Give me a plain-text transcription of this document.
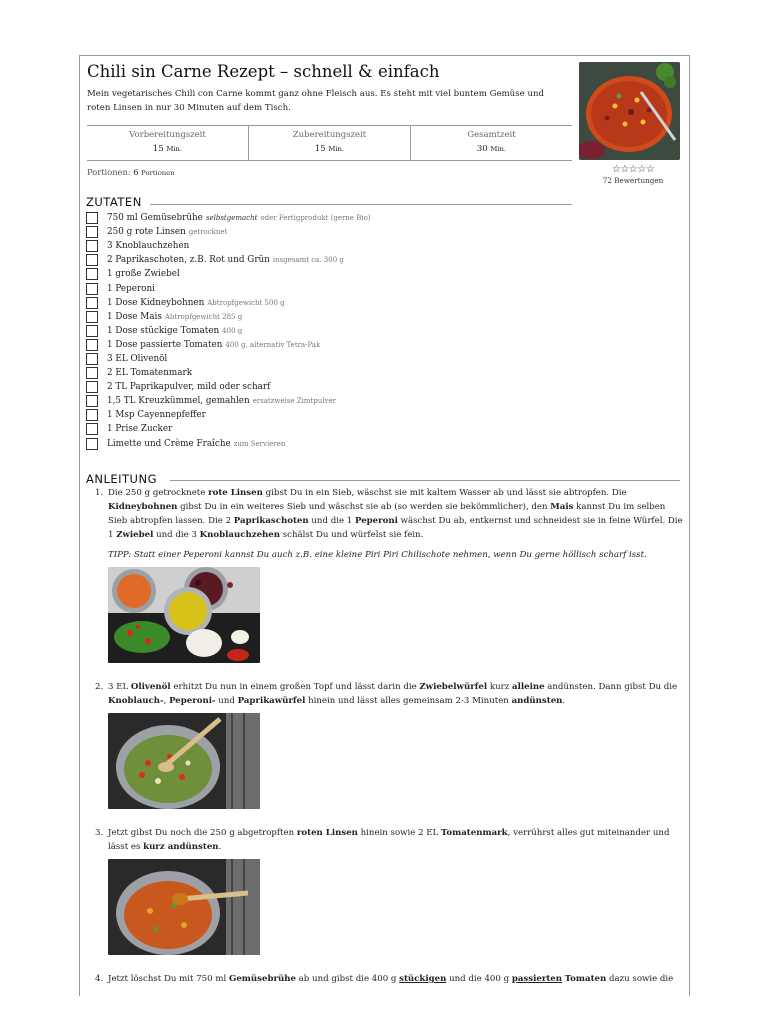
Chili sin Carne Rezept – schnell & einfach

Mein vegetarisches Chili con Carne kommt ganz ohne Fleisch aus. Es steht mit viel buntem Gemüse und roten Linsen in nur 30 Minuten auf dem Tisch.

☆☆☆☆☆
72 Bewertungen
Vorbereitungszeit
15 Min.
Zubereitungszeit
15 Min.
Gesamtzeit
30 Min.
Portionen: 6 Portionen
ZUTATEN
750 ml Gemüsebrühe selbstgemacht oder Fertigprodukt (gerne Bio)
250 g rote Linsen getrocknet
3 Knoblauchzehen
2 Paprikaschoten, z.B. Rot und Grün insgesamt ca. 300 g
1 große Zwiebel
1 Peperoni
1 Dose Kidneybohnen Abtropfgewicht 500 g
1 Dose Mais Abtropfgewicht 285 g
1 Dose stückige Tomaten 400 g
1 Dose passierte Tomaten 400 g, alternativ Tetra-Pak
3 EL Olivenöl
2 EL Tomatenmark
2 TL Paprikapulver, mild oder scharf
1,5 TL Kreuzkümmel, gemahlen ersatzweise Zimtpulver
1 Msp Cayennepfeffer
1 Prise Zucker
Limette und Crème Fraîche zum Servieren
ANLEITUNG
1. Die 250 g getrocknete rote Linsen gibst Du in ein Sieb, wäschst sie mit kaltem Wasser ab und lässt sie abtropfen. Die Kidneybohnen gibst Du in ein weiteres Sieb und wäschst sie ab (so werden sie bekömmlicher), den Mais kannst Du im selben Sieb abtropfen lassen. Die 2 Paprikaschoten und die 1 Peperoni wäschst Du ab, entkernst und schneidest sie in feine Würfel. Die 1 Zwiebel und die 3 Knoblauchzehen schälst Du und würfelst sie fein.

TIPP: Statt einer Peperoni kannst Du auch z.B. eine kleine Piri Piri Chilischote nehmen, wenn Du gerne höllisch scharf isst.

2. 3 EL Olivenöl erhitzt Du nun in einem großen Topf und lässt darin die Zwiebelwürfel kurz alleine andünsten. Dann gibst Du die Knoblauch-, Peperoni- und Paprikawürfel hinein und lässt alles gemeinsam 2-3 Minuten andünsten.

3. Jetzt gibst Du noch die 250 g abgetropften roten Linsen hinein sowie 2 EL Tomatenmark, verrührst alles gut miteinander und lässt es kurz andünsten.

4. Jetzt löschst Du mit 750 ml Gemüsebrühe ab und gibst die 400 g stückigen und die 400 g passierten Tomaten dazu sowie die
